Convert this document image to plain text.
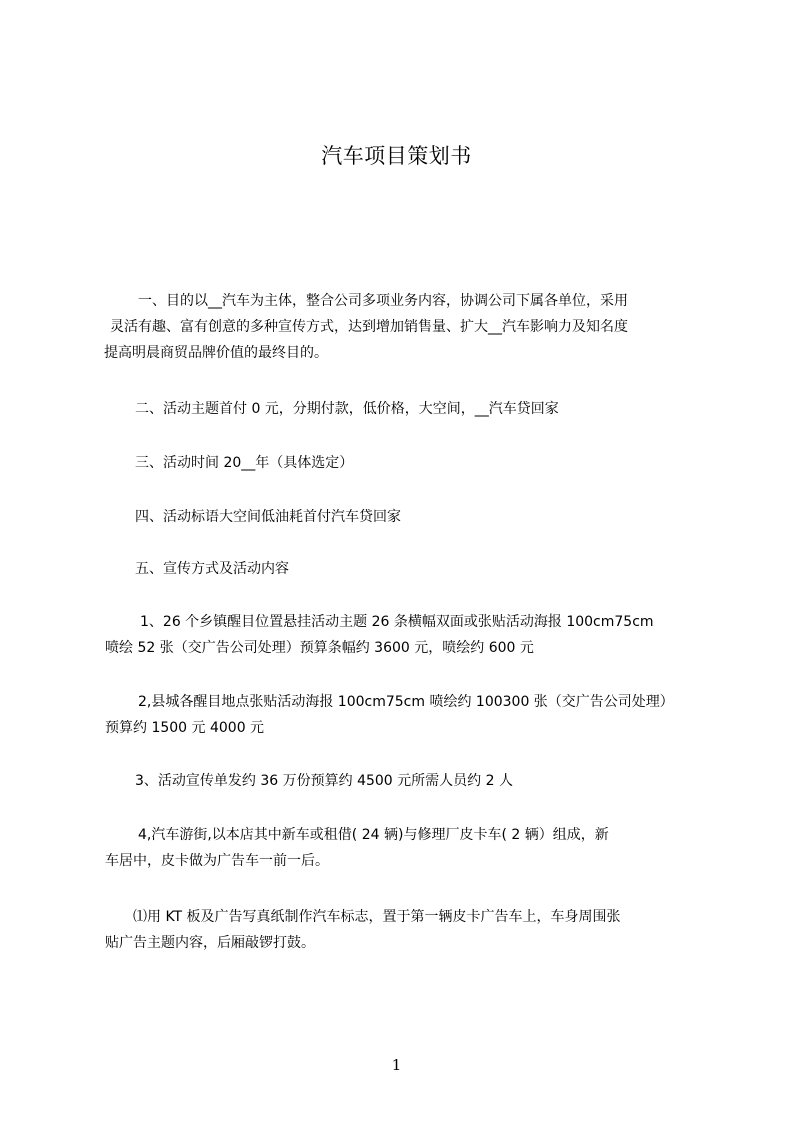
汽车项目策划书
一、目的以__汽车为主体，整合公司多项业务内容，协调公司下属各单位，采用
灵活有趣、富有创意的多种宣传方式，达到增加销售量、扩大__汽车影响力及知名度
提高明晨商贸品牌价值的最终目的。
二、活动主题首付 0 元，分期付款，低价格，大空间，__汽车贷回家
三、活动时间 20__年（具体选定）
四、活动标语大空间低油耗首付汽车贷回家
五、宣传方式及活动内容
1、26 个乡镇醒目位置悬挂活动主题 26 条横幅双面或张贴活动海报 100cm75cm
喷绘 52 张（交广告公司处理）预算条幅约 3600 元，喷绘约 600 元
2,县城各醒目地点张贴活动海报 100cm75cm 喷绘约 100300 张（交广告公司处理）
预算约 1500 元 4000 元
3、活动宣传单发约 36 万份预算约 4500 元所需人员约 2 人
4,汽车游街,以本店其中新车或租借( 24 辆)与修理厂皮卡车( 2 辆）组成，新
车居中，皮卡做为广告车一前一后。
⑴用 KT 板及广告写真纸制作汽车标志，置于第一辆皮卡广告车上，车身周围张
贴广告主题内容，后厢敲锣打鼓。
1
